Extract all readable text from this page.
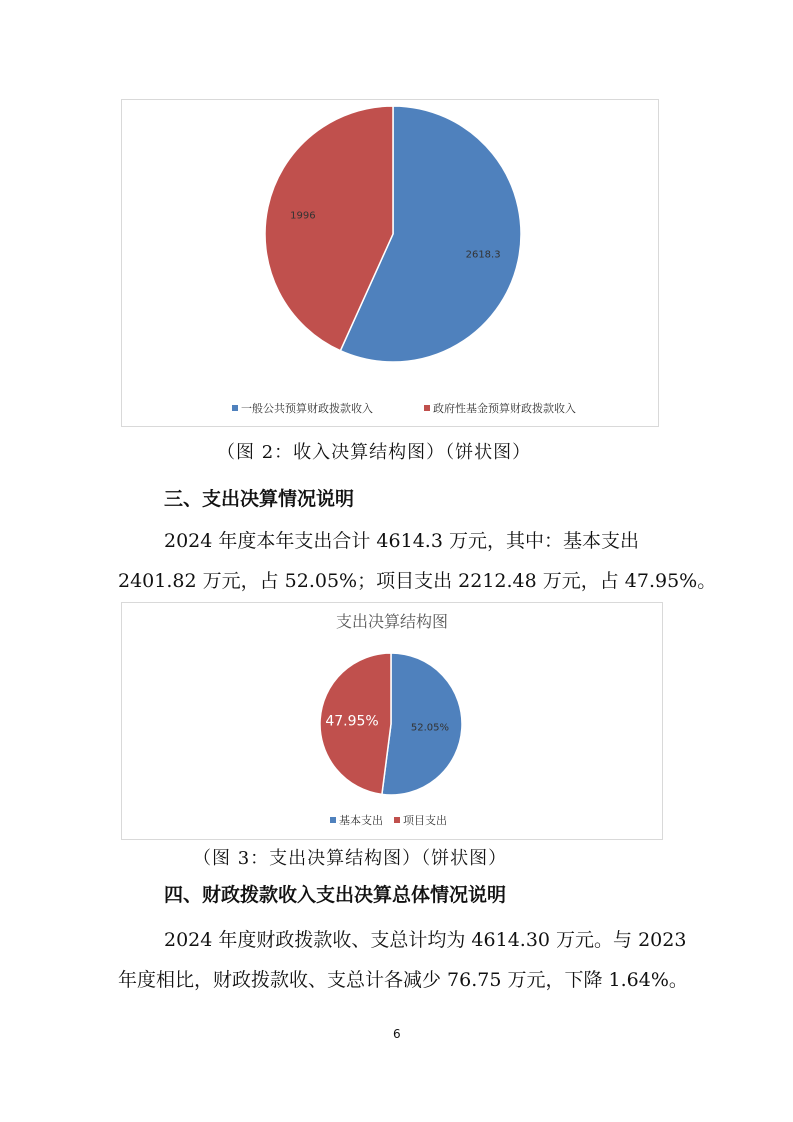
2618.3
1996
一般公共预算财政拨款收入	政府性基金预算财政拨款收入
（图 2：收入决算结构图）（饼状图）
三、支出决算情况说明
2024 年度本年支出合计 4614.3 万元，其中：基本支出
2401.82 万元，占 52.05%；项目支出 2212.48 万元，占 47.95%。
支出决算结构图
52.05%
47.95%
基本支出 项目支出
（图 3：支出决算结构图）（饼状图）
四、财政拨款收入支出决算总体情况说明
2024 年度财政拨款收、支总计均为 4614.30 万元。与 2023
年度相比，财政拨款收、支总计各减少 76.75 万元，下降 1.64%。
6
